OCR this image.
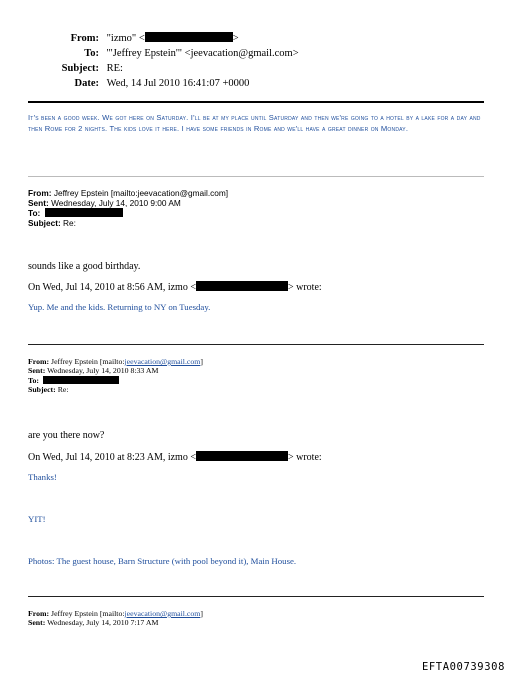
From: "izmo" <	>
To: '"Jeffrey Epstein'" <jeevacation@gmail.com>
Subject: RE:
Date: Wed, 14 Jul 2010 16:41:07 +0000
It's been a good week. We got here on Saturday. I'll be at my place until Saturday and then we're going to a hotel by a lake for a day and then Rome for 2 nights. The kids love it here. I have some friends in Rome and we'll have a great dinner on Monday.
From: Jeffrey Epstein [mailto:jeevacation@gmail.com]
Sent: Wednesday, July 14, 2010 9:00 AM
To:
Subject: Re:
sounds like a good birthday.
On Wed, Jul 14, 2010 at 8:56 AM, izmo <	> wrote:
Yup. Me and the kids. Returning to NY on Tuesday.
From: Jeffrey Epstein [mailto:jeevacation@gmail.com]
Sent: Wednesday, July 14, 2010 8:33 AM
To:
Subject: Re:
are you there now?
On Wed, Jul 14, 2010 at 8:23 AM, izmo <	> wrote:
Thanks!
YIT!
Photos: The guest house, Barn Structure (with pool beyond it), Main House.
From: Jeffrey Epstein [mailto:jeevacation@gmail.com]
Sent: Wednesday, July 14, 2010 7:17 AM
EFTA00739308
